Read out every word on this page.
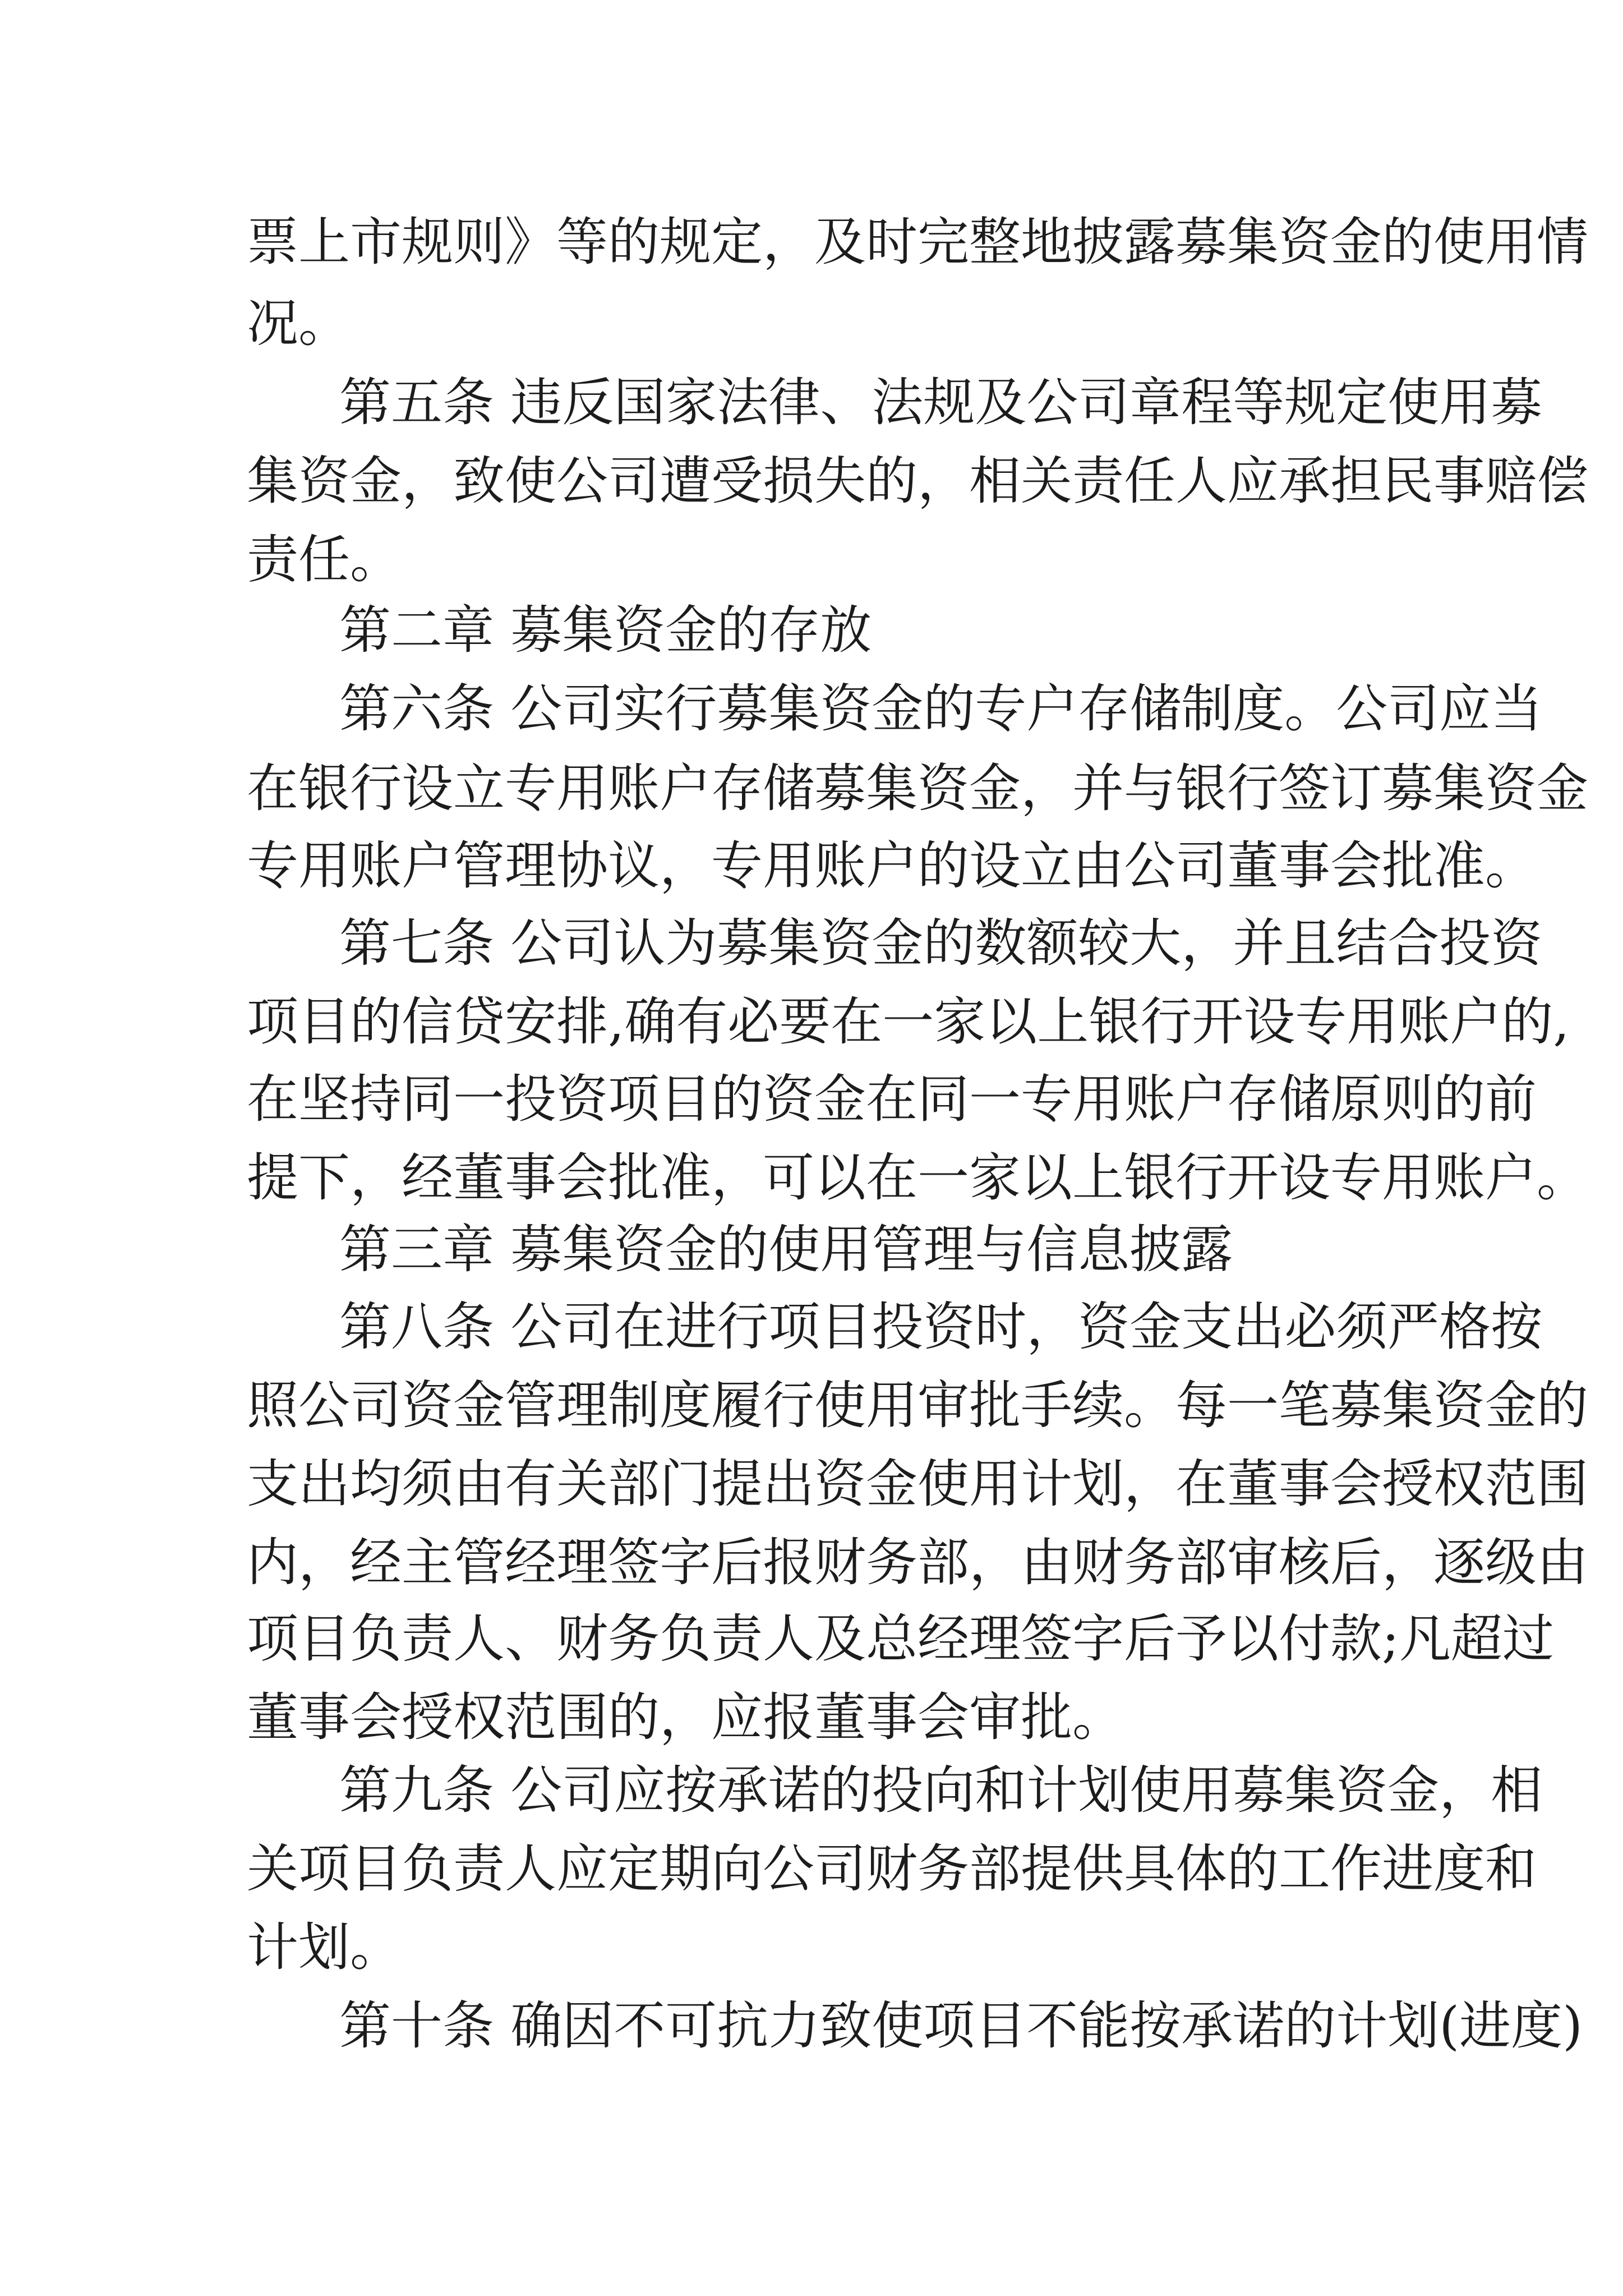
票上市规则》等的规定，及时完整地披露募集资金的使用情

况。

第五条 违反国家法律、法规及公司章程等规定使用募

集资金，致使公司遭受损失的，相关责任人应承担民事赔偿

责任。

第二章 募集资金的存放

第六条 公司实行募集资金的专户存储制度。公司应当

在银行设立专用账户存储募集资金，并与银行签订募集资金

专用账户管理协议，专用账户的设立由公司董事会批准。

第七条 公司认为募集资金的数额较大，并且结合投资

项目的信贷安排,确有必要在一家以上银行开设专用账户的,

在坚持同一投资项目的资金在同一专用账户存储原则的前

提下，经董事会批准，可以在一家以上银行开设专用账户。

第三章 募集资金的使用管理与信息披露

第八条 公司在进行项目投资时，资金支出必须严格按

照公司资金管理制度履行使用审批手续。每一笔募集资金的

支出均须由有关部门提出资金使用计划，在董事会授权范围

内，经主管经理签字后报财务部，由财务部审核后，逐级由

项目负责人、财务负责人及总经理签字后予以付款;凡超过

董事会授权范围的，应报董事会审批。

第九条 公司应按承诺的投向和计划使用募集资金，相

关项目负责人应定期向公司财务部提供具体的工作进度和

计划。

第十条 确因不可抗力致使项目不能按承诺的计划(进度)
